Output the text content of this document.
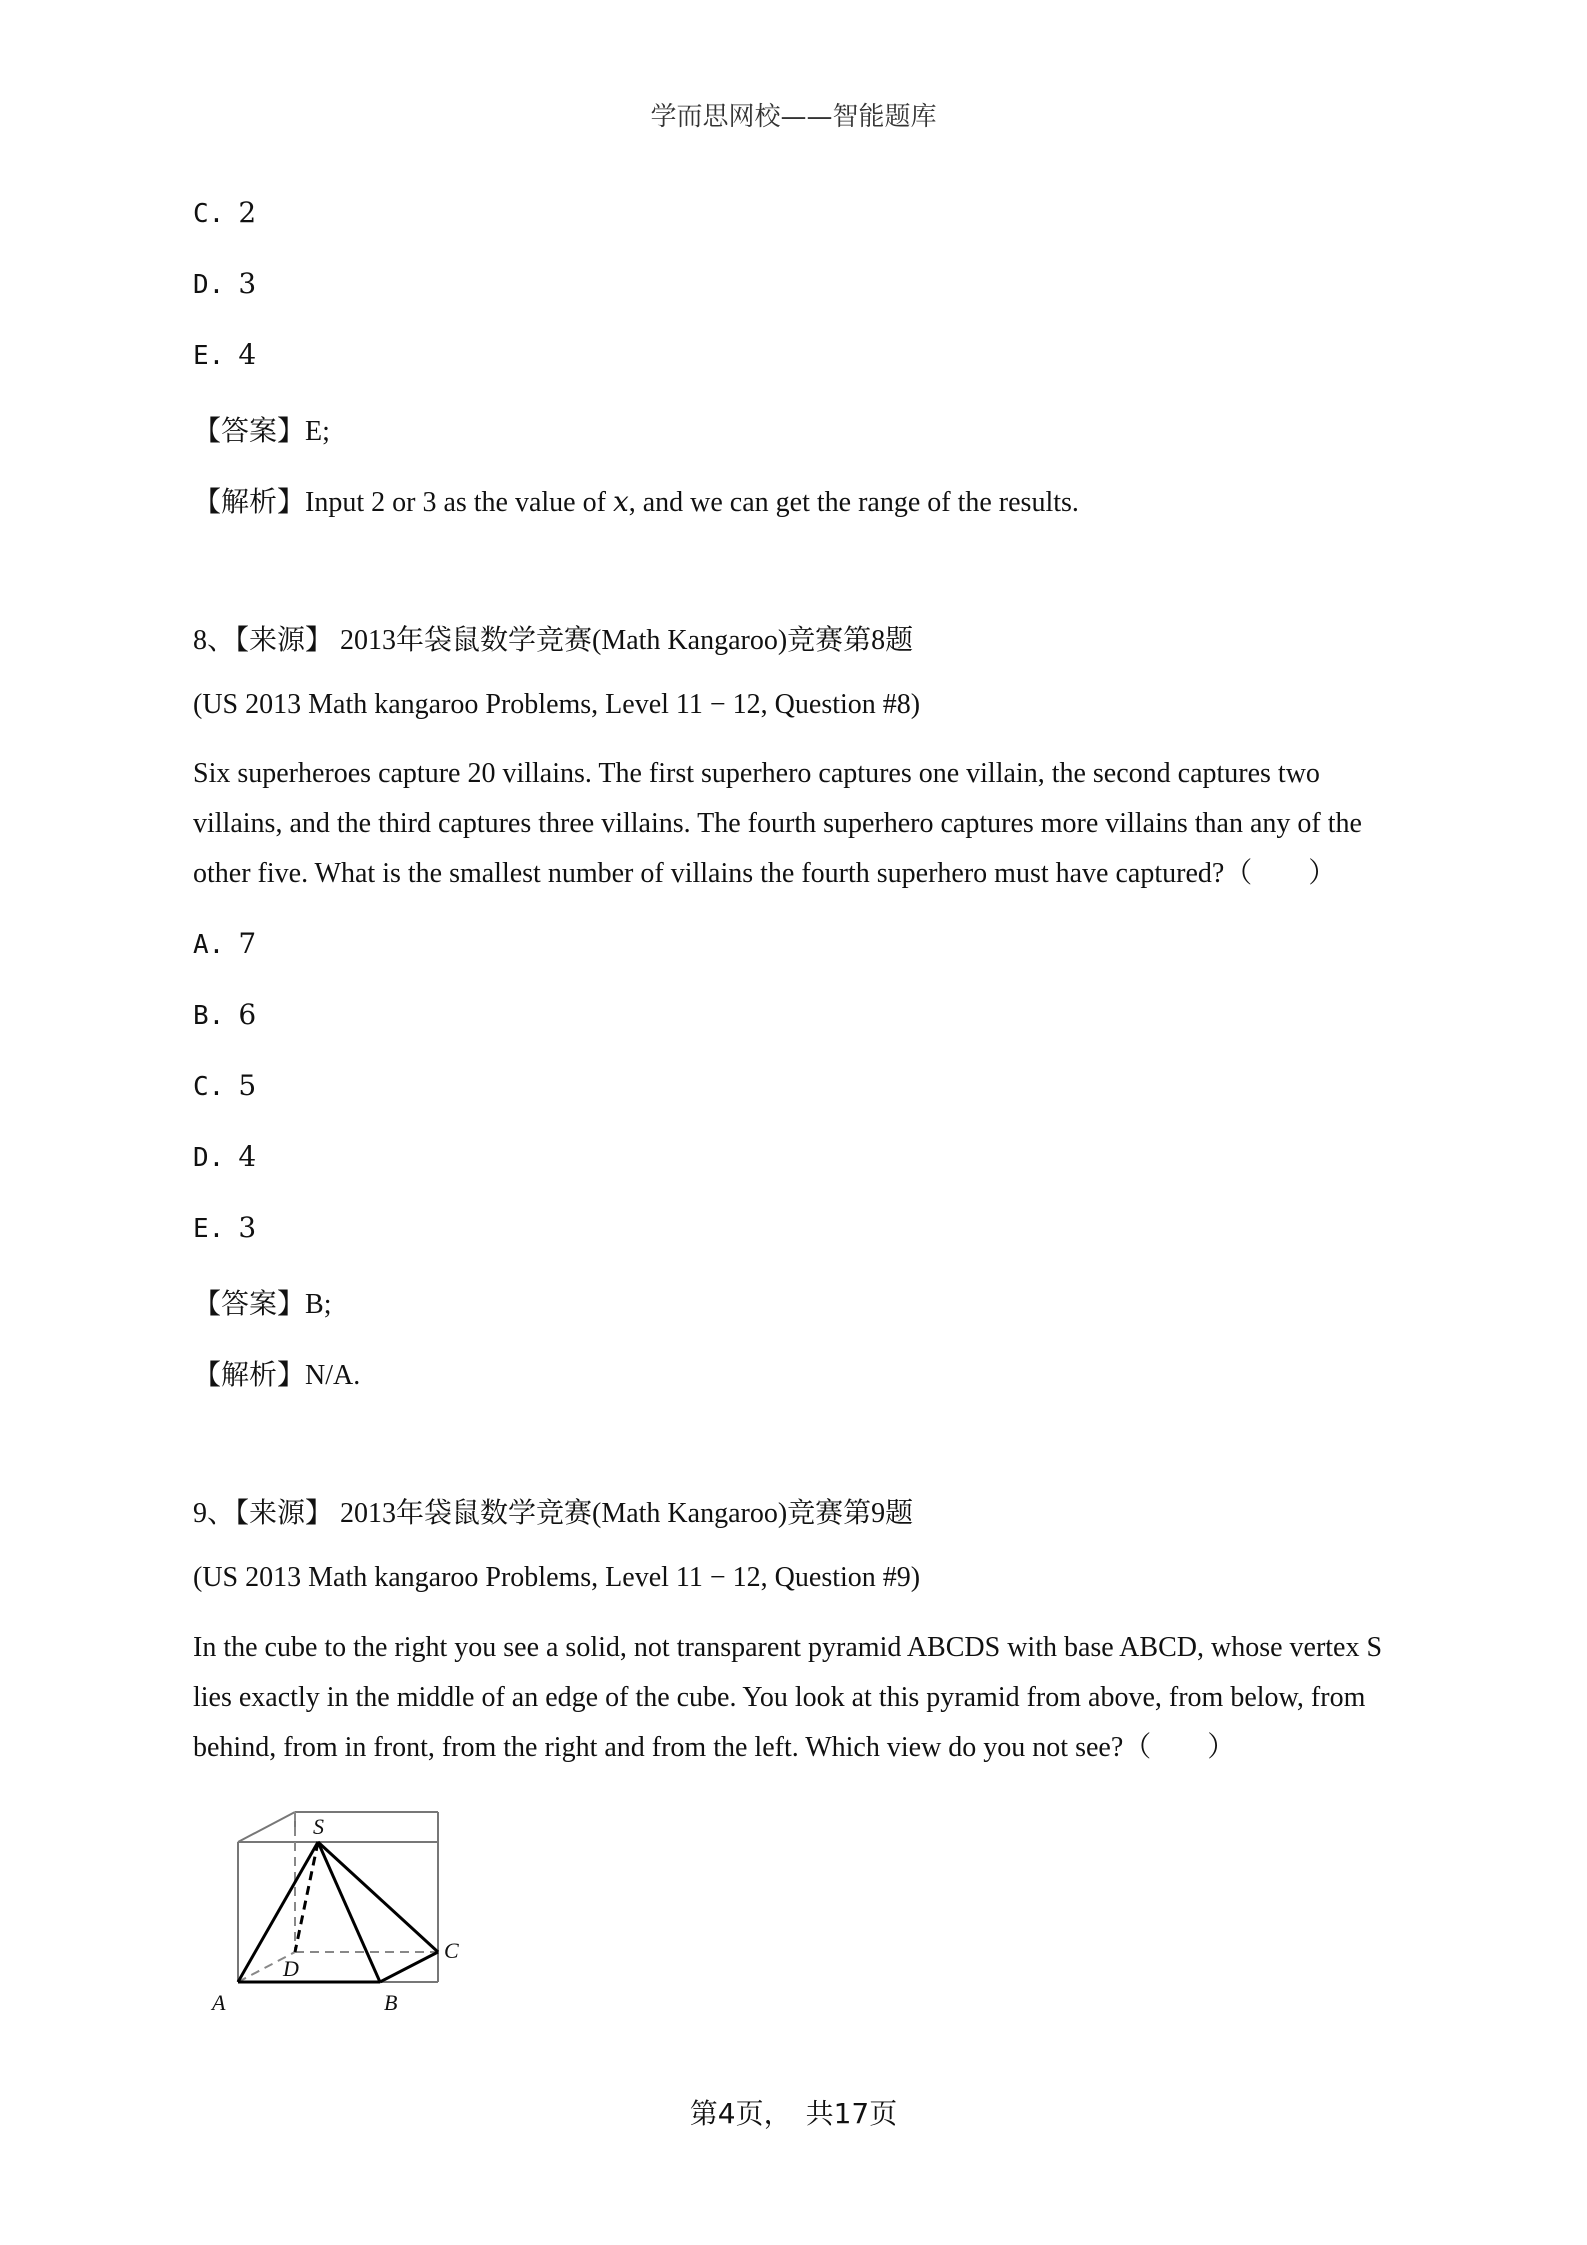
学而思网校——智能题库
C. 2
D. 3
E. 4
【答案】E;
【解析】Input 2 or 3 as the value of x, and we can get the range of the results.
8、【来源】 2013年袋鼠数学竞赛(Math Kangaroo)竞赛第8题
(US 2013 Math kangaroo Problems, Level 11 − 12, Question #8)

Six superheroes capture 20 villains. The first superhero captures one villain, the second captures two villains, and the third captures three villains. The fourth superhero captures more villains than any of the other five. What is the smallest number of villains the fourth superhero must have captured?（　　）

A. 7
B. 6
C. 5
D. 4
E. 3
【答案】B;
【解析】N/A.
9、【来源】 2013年袋鼠数学竞赛(Math Kangaroo)竞赛第9题
(US 2013 Math kangaroo Problems, Level 11 − 12, Question #9)

In the cube to the right you see a solid, not transparent pyramid ABCDS with base ABCD, whose vertex S lies exactly in the middle of an edge of the cube. You look at this pyramid from above, from below, from behind, from in front, from the right and from the left. Which view do you not see?（　　）

S
A	B
C
D
第4页，　共17页
